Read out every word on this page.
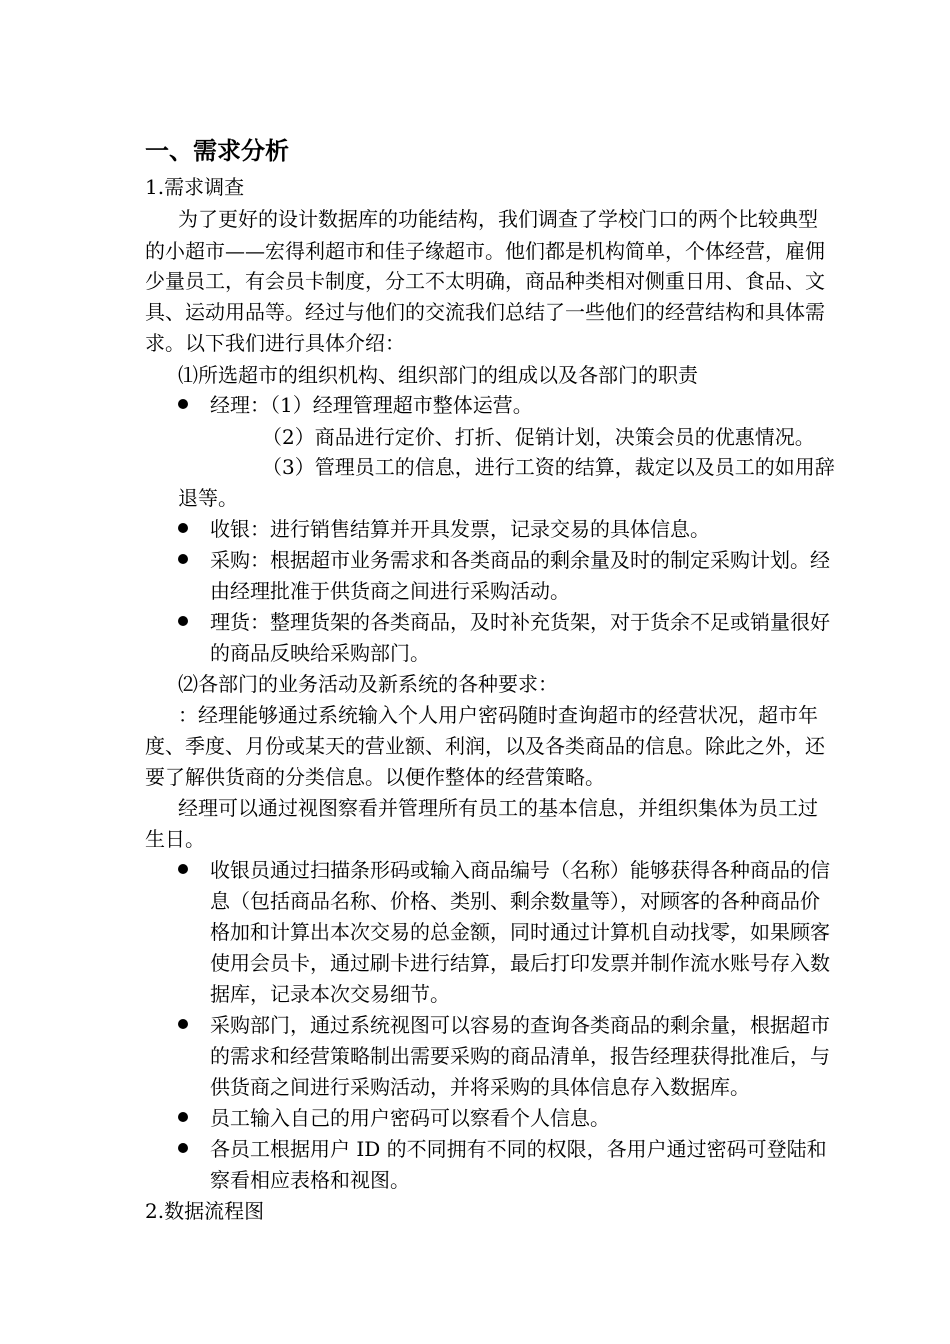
一、需求分析
1.需求调查
为了更好的设计数据库的功能结构，我们调查了学校门口的两个比较典型
的小超市——宏得利超市和佳子缘超市。他们都是机构简单，个体经营，雇佣
少量员工，有会员卡制度，分工不太明确，商品种类相对侧重日用、食品、文
具、运动用品等。经过与他们的交流我们总结了一些他们的经营结构和具体需
求。以下我们进行具体介绍：
⑴所选超市的组织机构、组织部门的组成以及各部门的职责
经理：（1）经理管理超市整体运营。
（2）商品进行定价、打折、促销计划，决策会员的优惠情况。
（3）管理员工的信息，进行工资的结算，裁定以及员工的如用辞
退等。
收银：进行销售结算并开具发票，记录交易的具体信息。
采购：根据超市业务需求和各类商品的剩余量及时的制定采购计划。经
由经理批准于供货商之间进行采购活动。
理货：整理货架的各类商品，及时补充货架，对于货余不足或销量很好
的商品反映给采购部门。
⑵各部门的业务活动及新系统的各种要求：
：经理能够通过系统输入个人用户密码随时查询超市的经营状况，超市年
度、季度、月份或某天的营业额、利润，以及各类商品的信息。除此之外，还
要了解供货商的分类信息。以便作整体的经营策略。
经理可以通过视图察看并管理所有员工的基本信息，并组织集体为员工过
生日。
收银员通过扫描条形码或输入商品编号（名称）能够获得各种商品的信
息（包括商品名称、价格、类别、剩余数量等），对顾客的各种商品价
格加和计算出本次交易的总金额，同时通过计算机自动找零，如果顾客
使用会员卡，通过刷卡进行结算，最后打印发票并制作流水账号存入数
据库，记录本次交易细节。
采购部门，通过系统视图可以容易的查询各类商品的剩余量，根据超市
的需求和经营策略制出需要采购的商品清单，报告经理获得批准后，与
供货商之间进行采购活动，并将采购的具体信息存入数据库。
员工输入自己的用户密码可以察看个人信息。
各员工根据用户 ID 的不同拥有不同的权限，各用户通过密码可登陆和
察看相应表格和视图。
2.数据流程图
